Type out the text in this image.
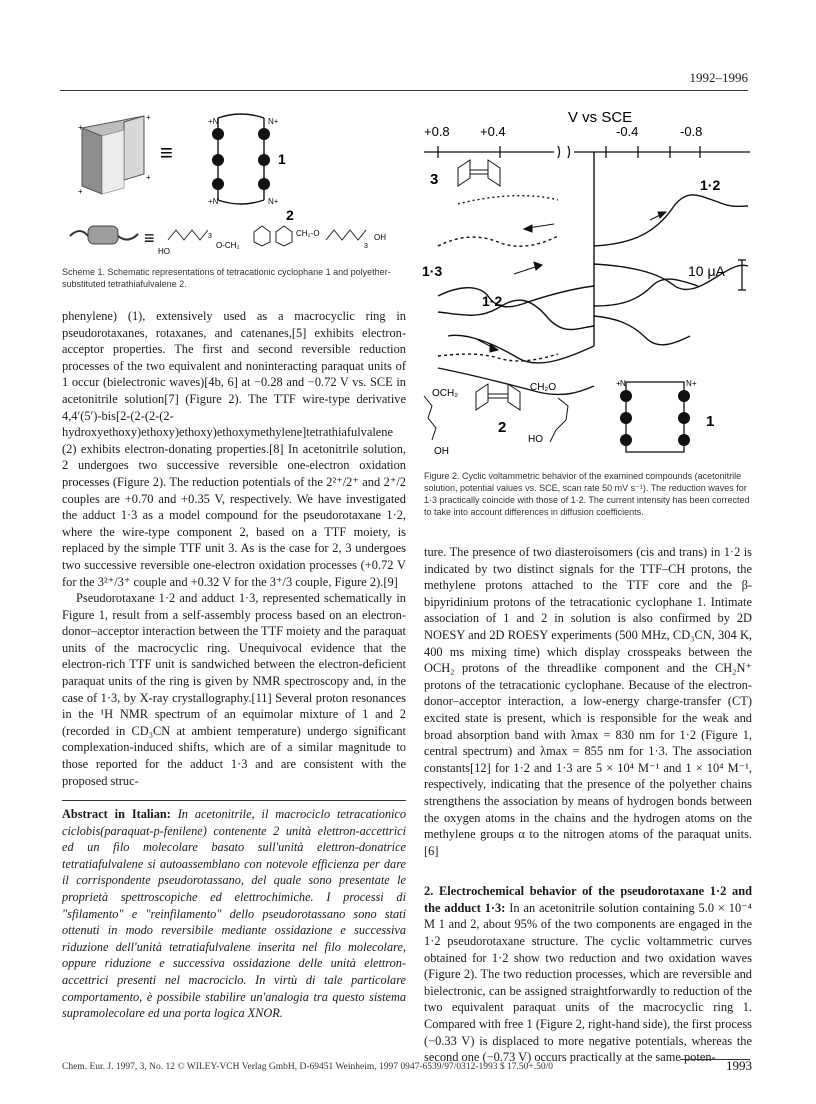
1992–1996
+
+
+
+
≡
+N	N+
+N	N+
1
2
≡
HO
O-CH₂
CH₂-O	OH
3
3
Scheme 1. Schematic representations of tetracationic cyclophane 1 and polyether-substituted tetrathiafulvalene 2.

phenylene) (1), extensively used as a macrocyclic ring in pseudorotaxanes, rotaxanes, and catenanes,[5] exhibits electron-acceptor properties. The first and second reversible reduction processes of the two equivalent and noninteracting paraquat units of 1 occur (bielectronic waves)[4b, 6] at −0.28 and −0.72 V vs. SCE in acetonitrile solution[7] (Figure 2). The TTF wire-type derivative 4,4′(5′)-bis[2-(2-(2-(2-hydroxyethoxy)ethoxy)ethoxy)ethoxymethylene]tetrathiafulvalene (2) exhibits electron-donating properties.[8] In acetonitrile solution, 2 undergoes two successive reversible one-electron oxidation processes (Figure 2). The reduction potentials of the 2²⁺/2⁺ and 2⁺/2 couples are +0.70 and +0.35 V, respectively. We have investigated the adduct 1·3 as a model compound for the pseudorotaxane 1·2, where the wire-type component 2, based on a TTF moiety, is replaced by the simple TTF unit 3. As is the case for 2, 3 undergoes two successive reversible one-electron oxidation processes (+0.72 V for the 3²⁺/3⁺ couple and +0.32 V for the 3⁺/3 couple, Figure 2).[9]

Pseudorotaxane 1·2 and adduct 1·3, represented schematically in Figure 1, result from a self-assembly process based on an electron-donor–acceptor interaction between the TTF moiety and the paraquat units of the macrocyclic ring. Unequivocal evidence that the electron-rich TTF unit is sandwiched between the electron-deficient paraquat units of the ring is given by NMR spectroscopy and, in the case of 1·3, by X-ray crystallography.[11] Several proton resonances in the ¹H NMR spectrum of an equimolar mixture of 1 and 2 (recorded in CD₃CN at ambient temperature) undergo significant complexation-induced shifts, which are of a similar magnitude to those reported for the adduct 1·3 and are consistent with the proposed struc-

Abstract in Italian: In acetonitrile, il macrociclo tetracationico ciclobis(paraquat-p-fenilene) contenente 2 unità elettron-accettrici ed un filo molecolare basato sull'unità elettron-donatrice tetratiafulvalene si autoassemblano con notevole efficienza per dare il corrispondente pseudorotassano, del quale sono presentate le proprietà spettroscopiche ed elettrochimiche. I processi di "sfilamento" e "reinfilamento" dello pseudorotassano sono stati ottenuti in modo reversibile mediante ossidazione e successiva riduzione dell'unità tetratiafulvalene inserita nel filo molecolare, oppure riduzione e successiva ossidazione delle unità elettron-accettrici presenti nel macrociclo. In virtù di tale particolare comportamento, è possibile stabilire un'analogia tra questo sistema supramolecolare ed una porta logica XNOR.

V vs SCE
+0.8 +0.4	-0.4	-0.8
3	1·2
1·3
1·2
10 μA
OCH₂
CH₂O
OH
HO
2
+ N	N +
1
Figure 2. Cyclic voltammetric behavior of the examined compounds (acetonitrile solution, potential values vs. SCE, scan rate 50 mV s⁻¹). The reduction waves for 1·3 practically coincide with those of 1·2. The current intensity has been corrected to take into account differences in diffusion coefficients.

ture. The presence of two diasteroisomers (cis and trans) in 1·2 is indicated by two distinct signals for the TTF–CH protons, the methylene protons attached to the TTF core and the β-bipyridinium protons of the tetracationic cyclophane 1. Intimate association of 1 and 2 in solution is also confirmed by 2D NOESY and 2D ROESY experiments (500 MHz, CD₃CN, 304 K, 400 ms mixing time) which display crosspeaks between the OCH₂ protons of the threadlike component and the CH₂N⁺ protons of the tetracationic cyclophane. Because of the electron-donor–acceptor interaction, a low-energy charge-transfer (CT) excited state is present, which is responsible for the weak and broad absorption band with λmax = 830 nm for 1·2 (Figure 1, central spectrum) and λmax = 855 nm for 1·3. The association constants[12] for 1·2 and 1·3 are 5 × 10⁴ M⁻¹ and 1 × 10⁴ M⁻¹, respectively, indicating that the presence of the polyether chains strengthens the association by means of hydrogen bonds between the oxygen atoms in the chains and the hydrogen atoms on the methylene groups α to the nitrogen atoms of the paraquat units.[6]

2. Electrochemical behavior of the pseudorotaxane 1·2 and the adduct 1·3: In an acetonitrile solution containing 5.0 × 10⁻⁴ M 1 and 2, about 95% of the two components are engaged in the 1·2 pseudorotaxane structure. The cyclic voltammetric curves obtained for 1·2 show two reduction and two oxidation waves (Figure 2). The two reduction processes, which are reversible and bielectronic, can be assigned straightforwardly to reduction of the two equivalent paraquat units of the macrocyclic ring 1. Compared with free 1 (Figure 2, right-hand side), the first process (−0.33 V) is displaced to more negative potentials, whereas the second one (−0.73 V) occurs practically at the same poten-

Chem. Eur. J. 1997, 3, No. 12 © WILEY-VCH Verlag GmbH, D-69451 Weinheim, 1997 0947-6539/97/0312-1993 $ 17.50+.50/0	1993
